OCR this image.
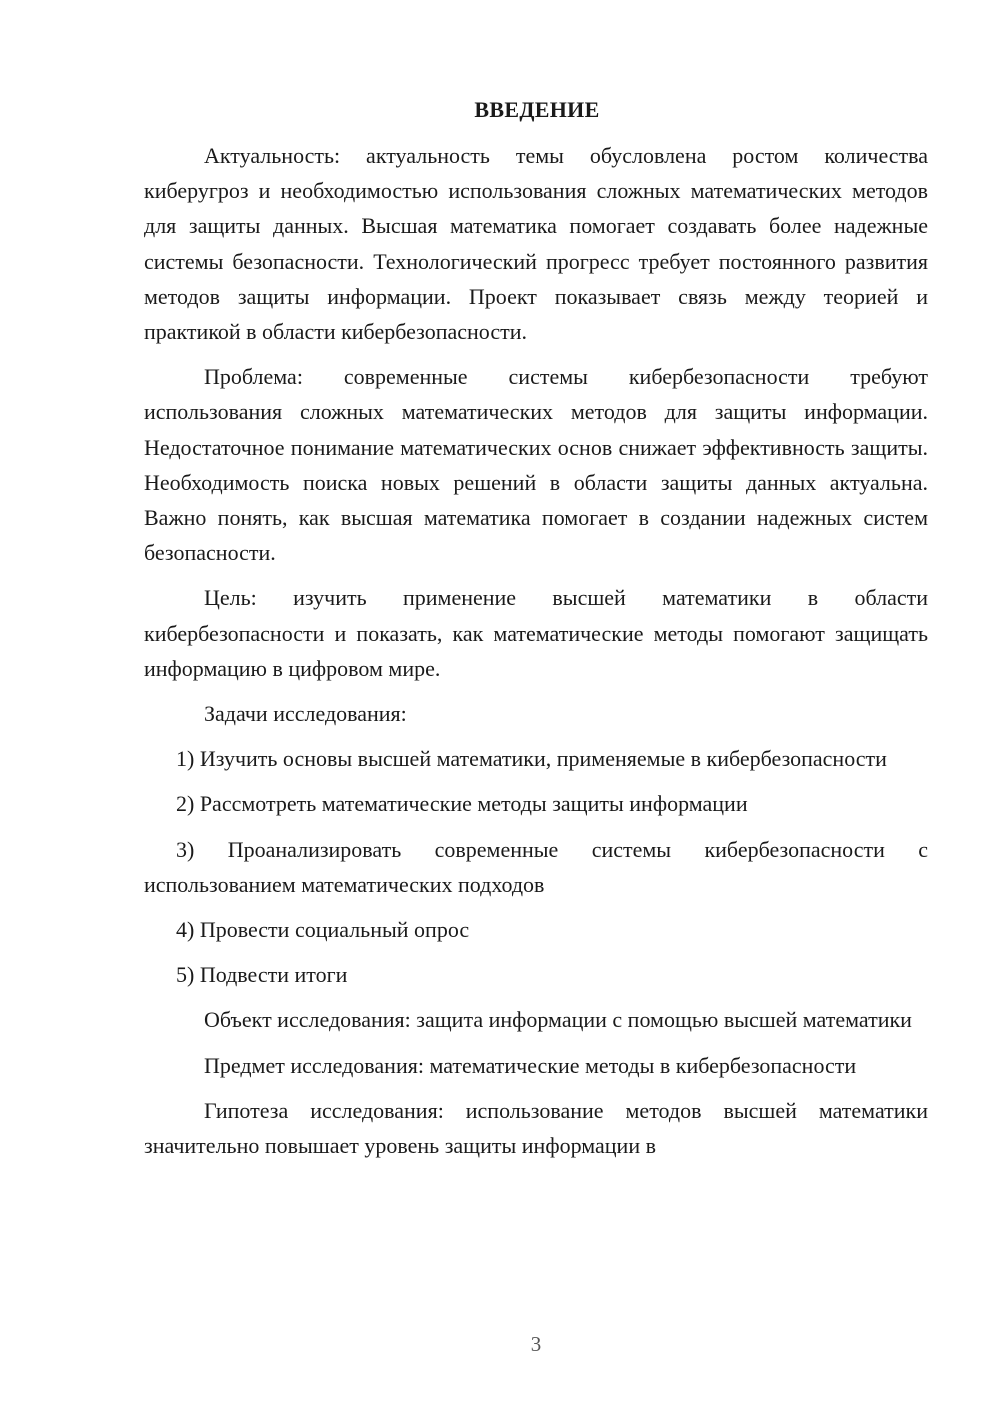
ВВЕДЕНИЕ

Актуальность: актуальность темы обусловлена ростом количества киберугроз и необходимостью использования сложных математических методов для защиты данных. Высшая математика помогает создавать более надежные системы безопасности. Технологический прогресс требует постоянного развития методов защиты информации. Проект показывает связь между теорией и практикой в области кибербезопасности.

Проблема: современные системы кибербезопасности требуют использования сложных математических методов для защиты информации. Недостаточное понимание математических основ снижает эффективность защиты. Необходимость поиска новых решений в области защиты данных актуальна. Важно понять, как высшая математика помогает в создании надежных систем безопасности.

Цель: изучить применение высшей математики в области кибербезопасности и показать, как математические методы помогают защищать информацию в цифровом мире.

Задачи исследования:

1) Изучить основы высшей математики, применяемые в кибербезопасности

2) Рассмотреть математические методы защиты информации

3) Проанализировать современные системы кибербезопасности с использованием математических подходов

4) Провести социальный опрос

5) Подвести итоги

Объект исследования: защита информации с помощью высшей математики

Предмет исследования: математические методы в кибербезопасности

Гипотеза исследования: использование методов высшей математики значительно повышает уровень защиты информации в

3
